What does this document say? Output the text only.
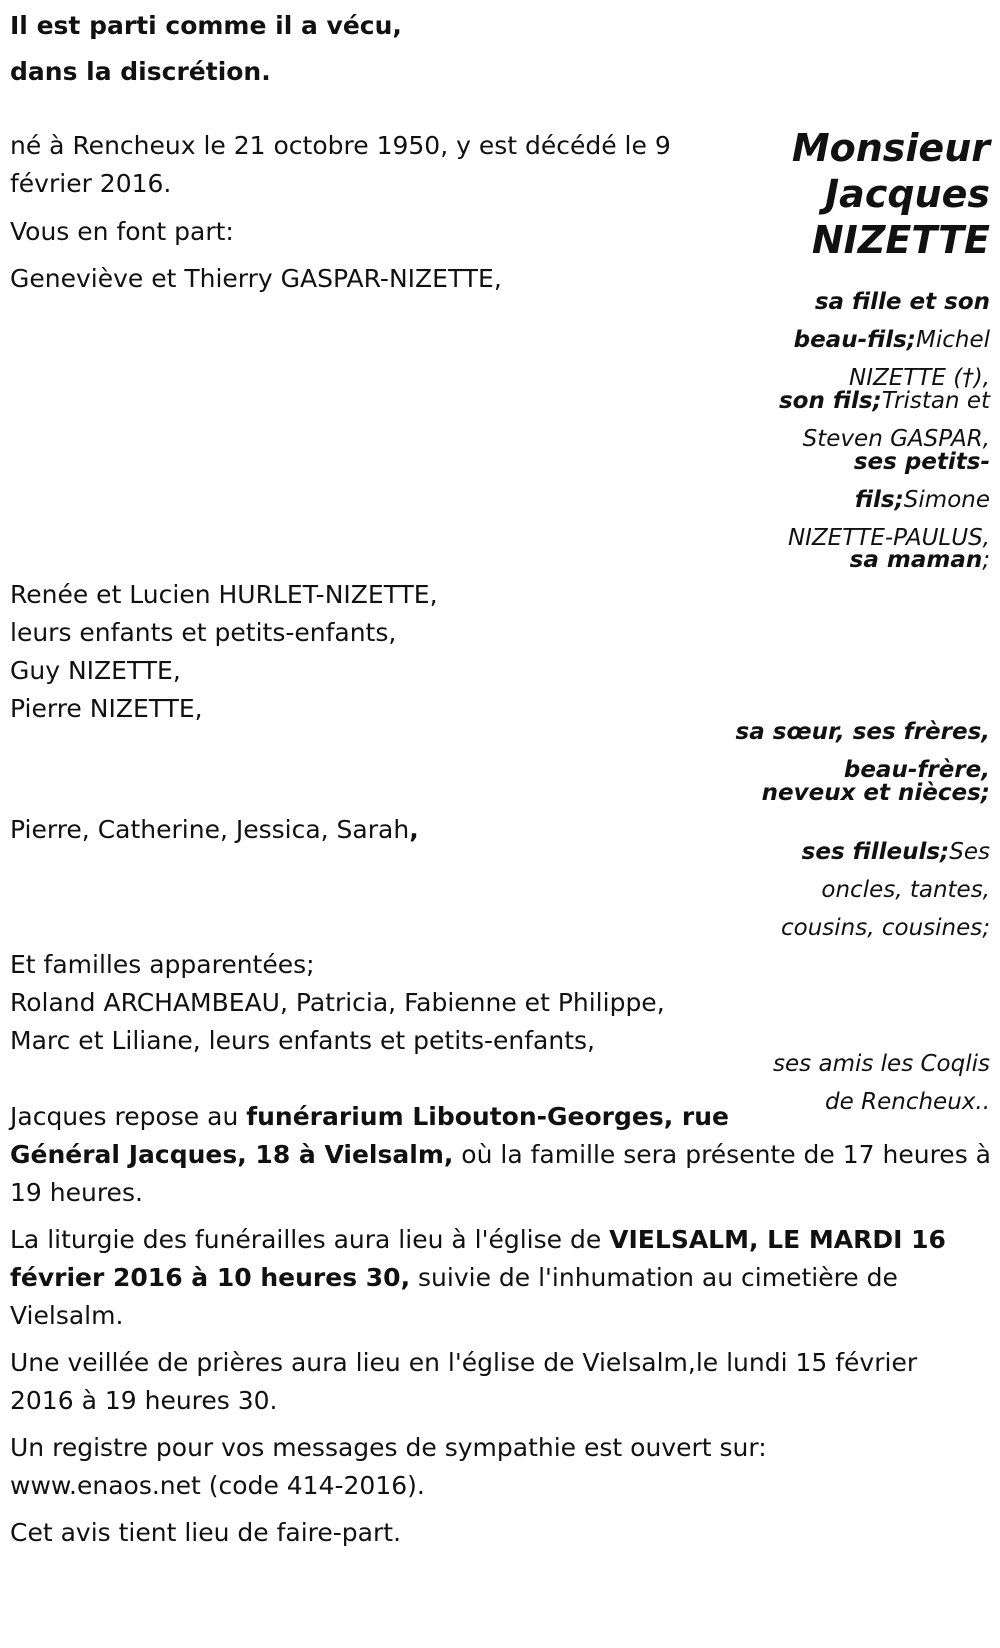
Il est parti comme il a vécu,
dans la discrétion.
Monsieur
Jacques
NIZETTE
né à Rencheux le 21 octobre 1950, y est décédé le 9
février 2016.
Vous en font part:
Geneviève et Thierry GASPAR-NIZETTE,
sa fille et son
beau-fils;Michel
NIZETTE (†),
son fils;Tristan et
Steven GASPAR,
ses petits-
fils;Simone
NIZETTE-PAULUS,
sa maman;
Renée et Lucien HURLET-NIZETTE,
leurs enfants et petits-enfants,
Guy NIZETTE,
Pierre NIZETTE,
sa sœur, ses frères,
beau-frère,
neveux et nièces;
Pierre, Catherine, Jessica, Sarah,
ses filleuls;Ses
oncles, tantes,
cousins, cousines;
Et familles apparentées;
Roland ARCHAMBEAU, Patricia, Fabienne et Philippe,
Marc et Liliane, leurs enfants et petits-enfants,
ses amis les Coqlis
de Rencheux..
Jacques repose au funérarium Libouton-Georges, rue
Général Jacques, 18 à Vielsalm, où la famille sera présente de 17 heures à
19 heures.
La liturgie des funérailles aura lieu à l'église de VIELSALM, LE MARDI 16
février 2016 à 10 heures 30, suivie de l'inhumation au cimetière de
Vielsalm.
Une veillée de prières aura lieu en l'église de Vielsalm,le lundi 15 février
2016 à 19 heures 30.
Un registre pour vos messages de sympathie est ouvert sur:
www.enaos.net (code 414-2016).
Cet avis tient lieu de faire-part.
